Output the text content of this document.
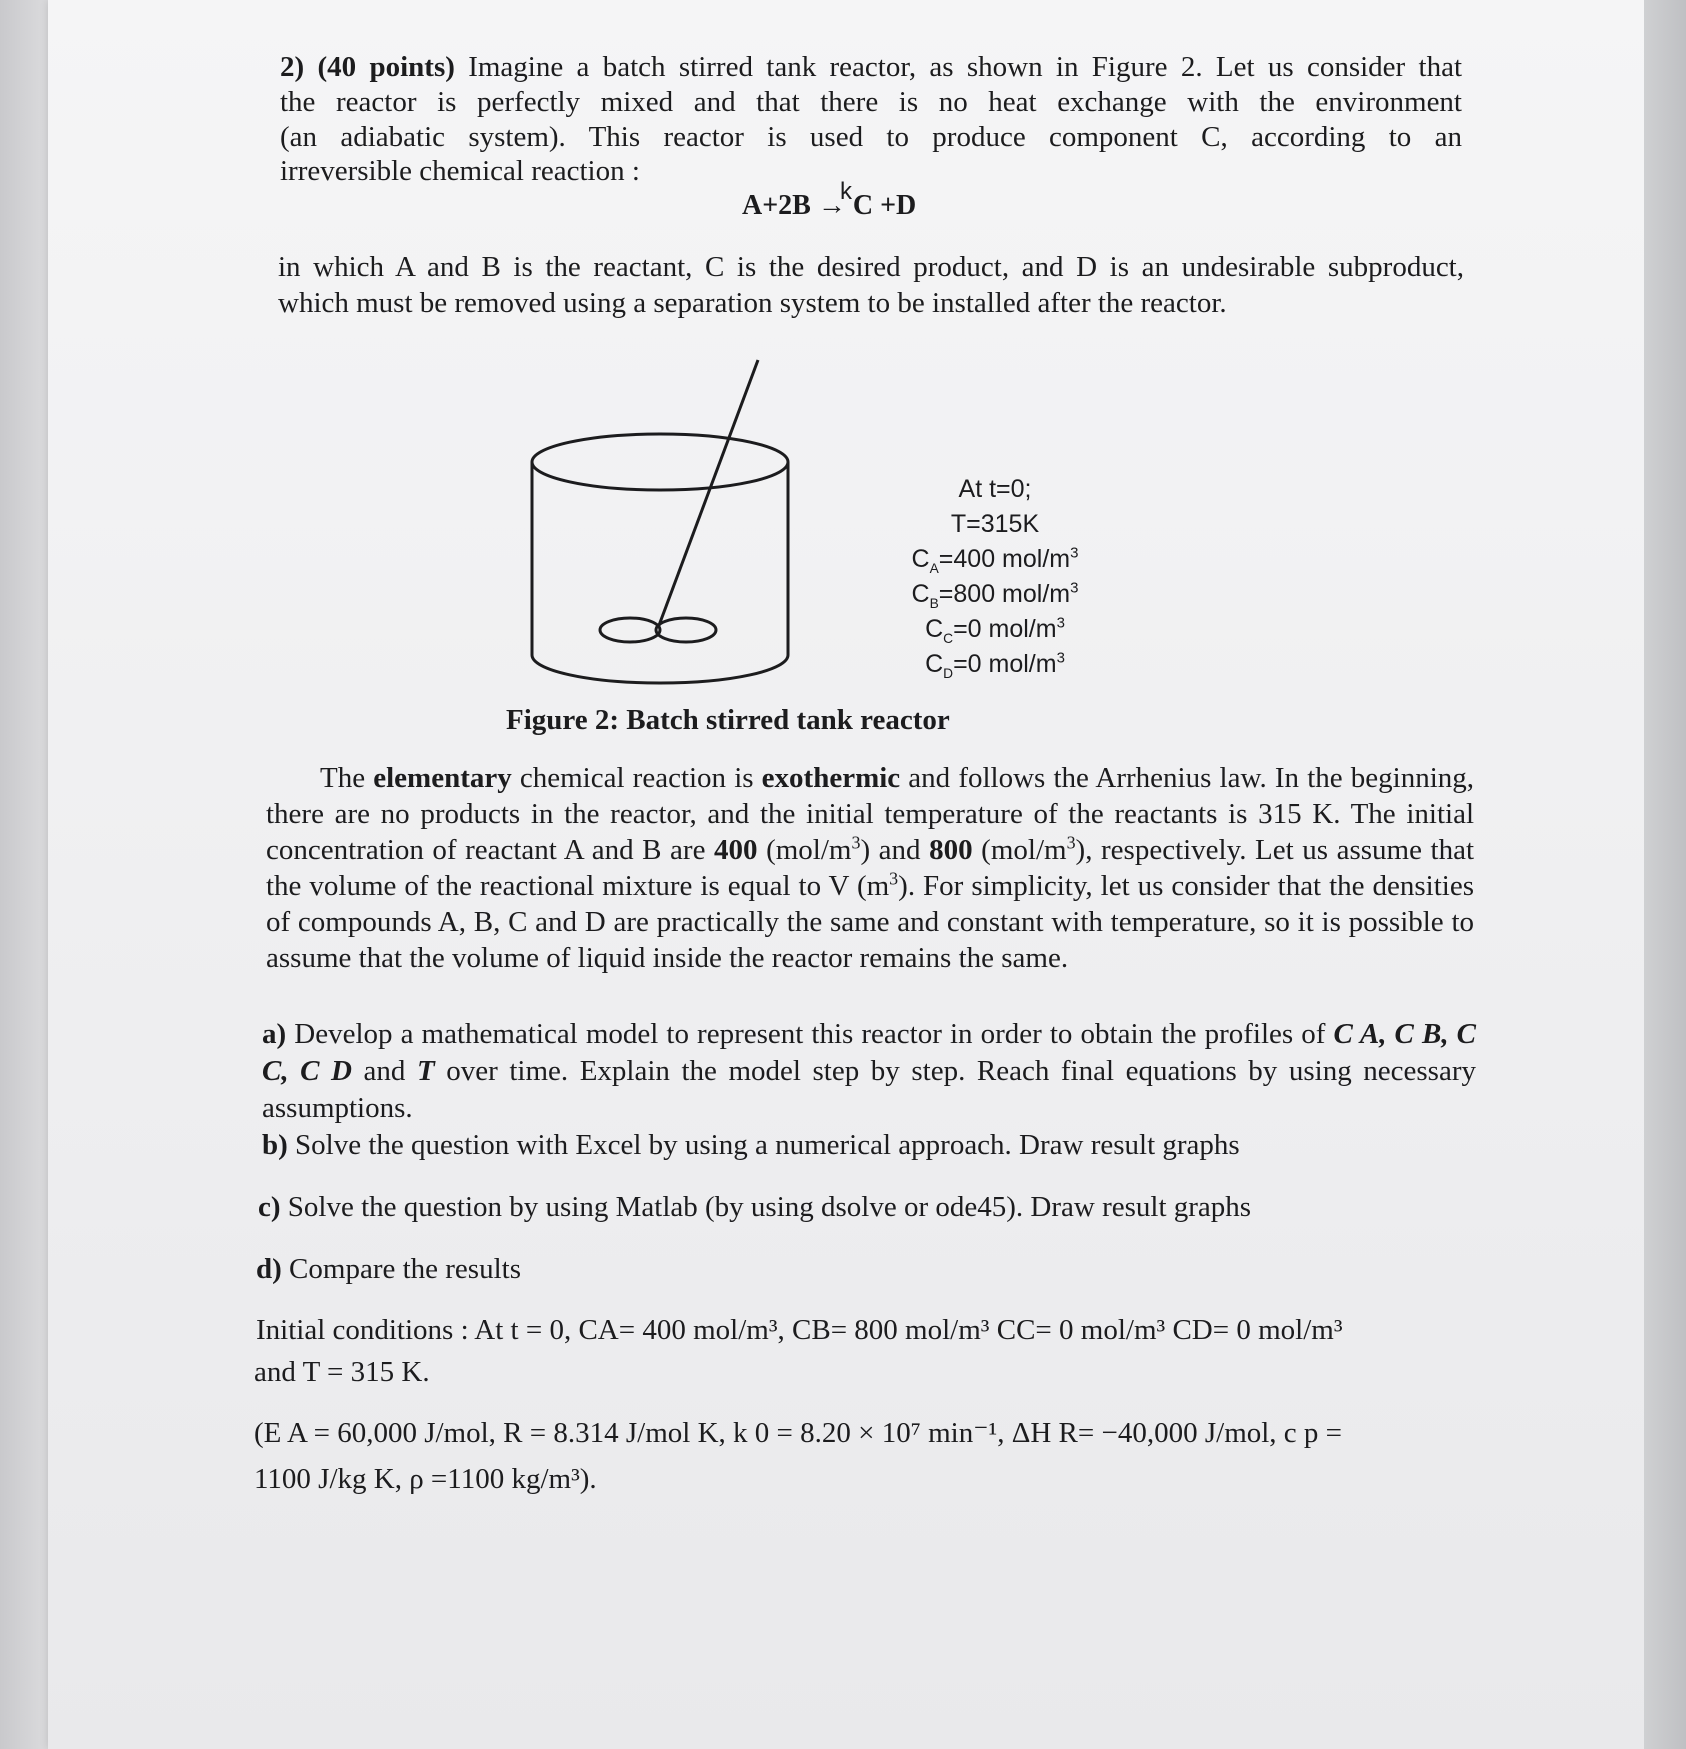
2) (40 points) Imagine a batch stirred tank reactor, as shown in Figure 2. Let us consider that

the reactor is perfectly mixed and that there is no heat exchange with the environment

(an adiabatic system). This reactor is used to produce component C, according to an

irreversible chemical reaction :

A+2B →
k C +D

in which A and B is the reactant, C is the desired product, and D is an undesirable subproduct,

which must be removed using a separation system to be installed after the reactor.

At t=0;
T=315K
$C_A=400$ mol/$m^3$
$C_B=800$ mol/$m^3$
$C_C=0$ mol/$m^3$
$C_D=0$ mol/$m^3$
Figure 2: Batch stirred tank reactor

The elementary chemical reaction is exothermic and follows the Arrhenius law. In the beginning, there are no products in the reactor, and the initial temperature of the reactants is 315 K. The initial concentration of reactant A and B are 400 $(mol/m^3)$ and 800 $(mol/m^3)$, respectively. Let us assume that the volume of the reactional mixture is equal to V $(m^3)$. For simplicity, let us consider that the densities of compounds A, B, C and D are practically the same and constant with temperature, so it is possible to assume that the volume of liquid inside the reactor remains the same.

a) Develop a mathematical model to represent this reactor in order to obtain the profiles of C A, C B, C C, C D and T over time. Explain the model step by step. Reach final equations by using necessary assumptions.

b) Solve the question with Excel by using a numerical approach. Draw result graphs

c) Solve the question by using Matlab (by using dsolve or ode45). Draw result graphs

d) Compare the results

Initial conditions : At t = 0, CA= 400 mol/m³, CB= 800 mol/m³ CC= 0 mol/m³ CD= 0 mol/m³

and T = 315 K.

(E A = 60,000 J/mol, R = 8.314 J/mol K, k 0 = 8.20 × 10⁷ min⁻¹, ΔH R= −40,000 J/mol, c p =

1100 J/kg K, ρ =1100 kg/m³).
